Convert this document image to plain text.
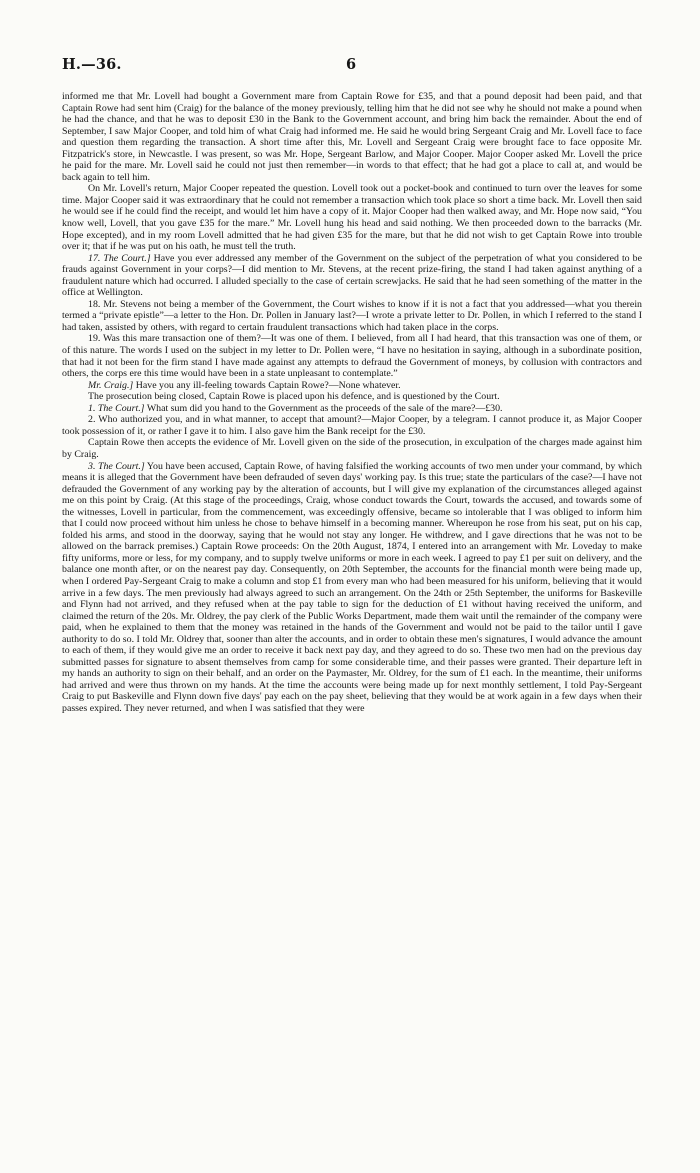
H.—36.	6

informed me that Mr. Lovell had bought a Government mare from Captain Rowe for £35, and that a pound deposit had been paid, and that Captain Rowe had sent him (Craig) for the balance of the money previously, telling him that he did not see why he should not make a pound when he had the chance, and that he was to deposit £30 in the Bank to the Government account, and bring him back the remainder. About the end of September, I saw Major Cooper, and told him of what Craig had informed me. He said he would bring Sergeant Craig and Mr. Lovell face to face and question them regarding the transaction. A short time after this, Mr. Lovell and Sergeant Craig were brought face to face opposite Mr. Fitzpatrick's store, in Newcastle. I was present, so was Mr. Hope, Sergeant Barlow, and Major Cooper. Major Cooper asked Mr. Lovell the price he paid for the mare. Mr. Lovell said he could not just then remember—in words to that effect; that he had got a place to call at, and would be back again to tell him.

On Mr. Lovell's return, Major Cooper repeated the question. Lovell took out a pocket-book and continued to turn over the leaves for some time. Major Cooper said it was extraordinary that he could not remember a transaction which took place so short a time back. Mr. Lovell then said he would see if he could find the receipt, and would let him have a copy of it. Major Cooper had then walked away, and Mr. Hope now said, “You know well, Lovell, that you gave £35 for the mare.” Mr. Lovell hung his head and said nothing. We then proceeded down to the barracks (Mr. Hope excepted), and in my room Lovell admitted that he had given £35 for the mare, but that he did not wish to get Captain Rowe into trouble over it; that if he was put on his oath, he must tell the truth.

17. The Court.] Have you ever addressed any member of the Government on the subject of the perpetration of what you considered to be frauds against Government in your corps?—I did mention to Mr. Stevens, at the recent prize-firing, the stand I had taken against anything of a fraudulent nature which had occurred. I alluded specially to the case of certain screwjacks. He said that he had seen something of the matter in the office at Wellington.

18. Mr. Stevens not being a member of the Government, the Court wishes to know if it is not a fact that you addressed—what you therein termed a “private epistle”—a letter to the Hon. Dr. Pollen in January last?—I wrote a private letter to Dr. Pollen, in which I referred to the stand I had taken, assisted by others, with regard to certain fraudulent transactions which had taken place in the corps.

19. Was this mare transaction one of them?—It was one of them. I believed, from all I had heard, that this transaction was one of them, or of this nature. The words I used on the subject in my letter to Dr. Pollen were, “I have no hesitation in saying, although in a subordinate position, that had it not been for the firm stand I have made against any attempts to defraud the Government of moneys, by collusion with contractors and others, the corps ere this time would have been in a state unpleasant to contemplate.”

Mr. Craig.] Have you any ill-feeling towards Captain Rowe?—None whatever.

The prosecution being closed, Captain Rowe is placed upon his defence, and is questioned by the Court.

1. The Court.] What sum did you hand to the Government as the proceeds of the sale of the mare?—£30.

2. Who authorized you, and in what manner, to accept that amount?—Major Cooper, by a telegram. I cannot produce it, as Major Cooper took possession of it, or rather I gave it to him. I also gave him the Bank receipt for the £30.

Captain Rowe then accepts the evidence of Mr. Lovell given on the side of the prosecution, in exculpation of the charges made against him by Craig.

3. The Court.] You have been accused, Captain Rowe, of having falsified the working accounts of two men under your command, by which means it is alleged that the Government have been defrauded of seven days' working pay. Is this true; state the particulars of the case?—I have not defrauded the Government of any working pay by the alteration of accounts, but I will give my explanation of the circumstances alleged against me on this point by Craig. (At this stage of the proceedings, Craig, whose conduct towards the Court, towards the accused, and towards some of the witnesses, Lovell in particular, from the commencement, was exceedingly offensive, became so intolerable that I was obliged to inform him that I could now proceed without him unless he chose to behave himself in a becoming manner. Whereupon he rose from his seat, put on his cap, folded his arms, and stood in the doorway, saying that he would not stay any longer. He withdrew, and I gave directions that he was not to be allowed on the barrack premises.) Captain Rowe proceeds: On the 20th August, 1874, I entered into an arrangement with Mr. Loveday to make fifty uniforms, more or less, for my company, and to supply twelve uniforms or more in each week. I agreed to pay £1 per suit on delivery, and the balance one month after, or on the nearest pay day. Consequently, on 20th September, the accounts for the financial month were being made up, when I ordered Pay-Sergeant Craig to make a column and stop £1 from every man who had been measured for his uniform, believing that it would arrive in a few days. The men previously had always agreed to such an arrangement. On the 24th or 25th September, the uniforms for Baskeville and Flynn had not arrived, and they refused when at the pay table to sign for the deduction of £1 without having received the uniform, and claimed the return of the 20s. Mr. Oldrey, the pay clerk of the Public Works Department, made them wait until the remainder of the company were paid, when he explained to them that the money was retained in the hands of the Government and would not be paid to the tailor until I gave authority to do so. I told Mr. Oldrey that, sooner than alter the accounts, and in order to obtain these men's signatures, I would advance the amount to each of them, if they would give me an order to receive it back next pay day, and they agreed to do so. These two men had on the previous day submitted passes for signature to absent themselves from camp for some considerable time, and their passes were granted. Their departure left in my hands an authority to sign on their behalf, and an order on the Paymaster, Mr. Oldrey, for the sum of £1 each. In the meantime, their uniforms had arrived and were thus thrown on my hands. At the time the accounts were being made up for next monthly settlement, I told Pay-Sergeant Craig to put Baskeville and Flynn down five days' pay each on the pay sheet, believing that they would be at work again in a few days when their passes expired. They never returned, and when I was satisfied that they were
